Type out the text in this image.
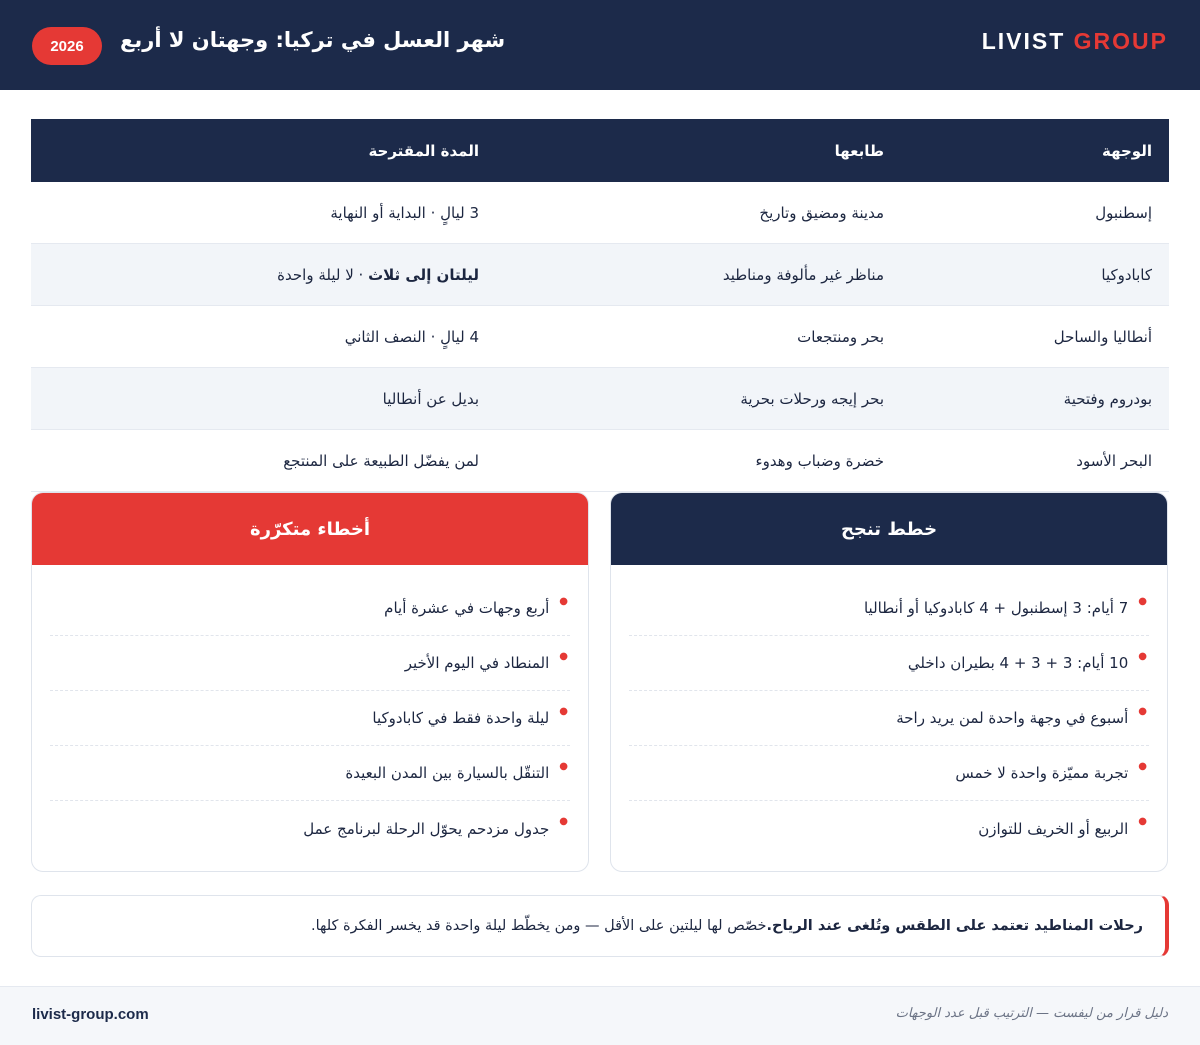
LIVIST GROUP
شهر العسل في تركيا: وجهتان لا أربع
2026
الوجهة
طابعها
المدة المقترحة
إسطنبول
مدينة ومضيق وتاريخ
3 ليالٍ · البداية أو النهاية
كابادوكيا
مناظر غير مألوفة ومناطيد
ليلتان إلى ثلاث · لا ليلة واحدة
أنطاليا والساحل
بحر ومنتجعات
4 ليالٍ · النصف الثاني
بودروم وفتحية
بحر إيجه ورحلات بحرية
بديل عن أنطاليا
البحر الأسود
خضرة وضباب وهدوء
لمن يفضّل الطبيعة على المنتجع
خطط تنجح
●
7 أيام: 3 إسطنبول + 4 كابادوكيا أو أنطاليا
●
10 أيام: 3 + 3 + 4 بطيران داخلي
●
أسبوع في وجهة واحدة لمن يريد راحة
●
تجربة مميّزة واحدة لا خمس
●
الربيع أو الخريف للتوازن
أخطاء متكرّرة
●
أربع وجهات في عشرة أيام
●
المنطاد في اليوم الأخير
●
ليلة واحدة فقط في كابادوكيا
●
التنقّل بالسيارة بين المدن البعيدة
●
جدول مزدحم يحوّل الرحلة لبرنامج عمل
رحلات المناطيد تعتمد على الطقس وتُلغى عند الرياح.
خصّص لها ليلتين على الأقل — ومن يخطّط ليلة واحدة قد يخسر الفكرة كلها.
دليل قرار من ليفست — الترتيب قبل عدد الوجهات
livist-group.com
